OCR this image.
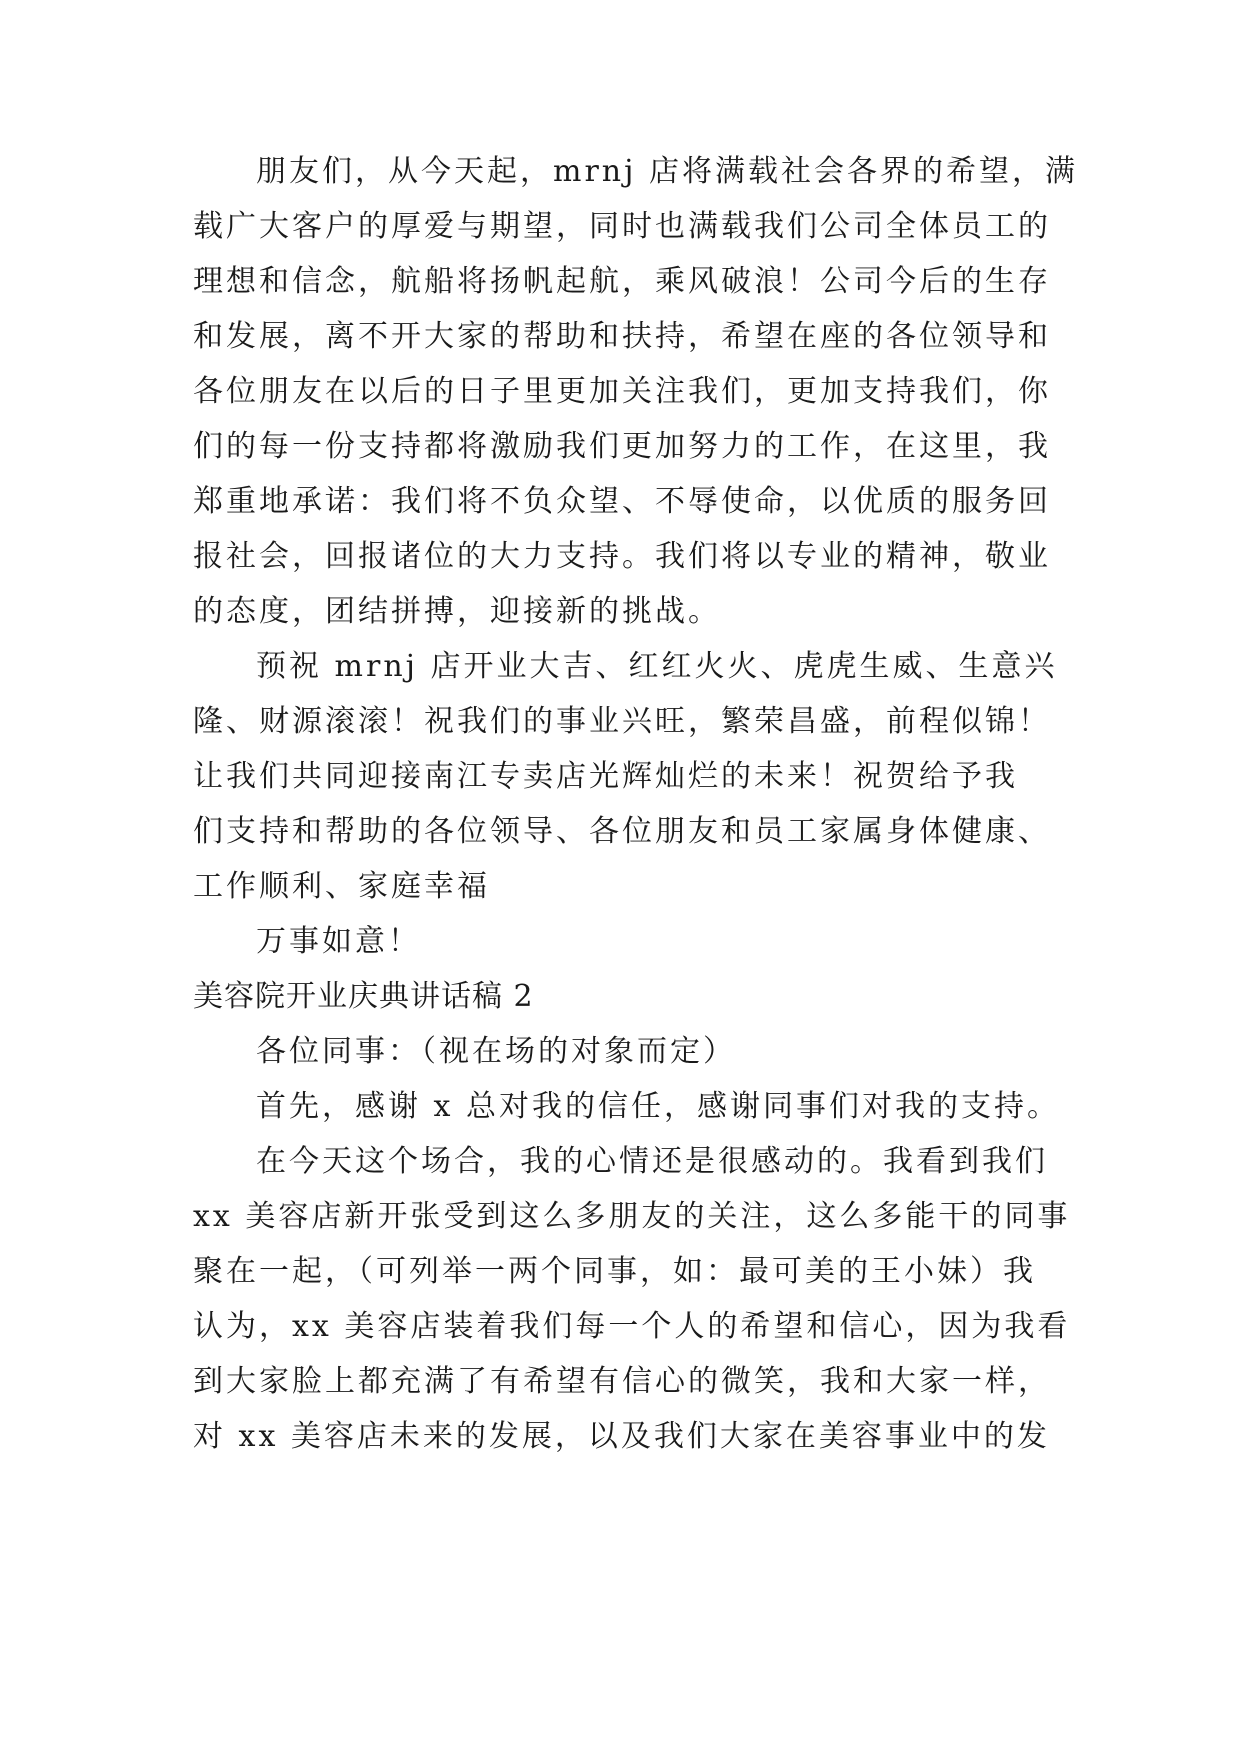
朋友们，从今天起，mrnj 店将满载社会各界的希望，满
载广大客户的厚爱与期望，同时也满载我们公司全体员工的
理想和信念，航船将扬帆起航，乘风破浪！公司今后的生存
和发展，离不开大家的帮助和扶持，希望在座的各位领导和
各位朋友在以后的日子里更加关注我们，更加支持我们，你
们的每一份支持都将激励我们更加努力的工作，在这里，我
郑重地承诺：我们将不负众望、不辱使命，以优质的服务回
报社会，回报诸位的大力支持。我们将以专业的精神，敬业
的态度，团结拼搏，迎接新的挑战。
预祝 mrnj 店开业大吉、红红火火、虎虎生威、生意兴
隆、财源滚滚！祝我们的事业兴旺，繁荣昌盛，前程似锦！
让我们共同迎接南江专卖店光辉灿烂的未来！祝贺给予我
们支持和帮助的各位领导、各位朋友和员工家属身体健康、
工作顺利、家庭幸福
万事如意！
美容院开业庆典讲话稿 2
各位同事：（视在场的对象而定）
首先，感谢 x 总对我的信任，感谢同事们对我的支持。
在今天这个场合，我的心情还是很感动的。我看到我们
xx 美容店新开张受到这么多朋友的关注，这么多能干的同事
聚在一起，（可列举一两个同事，如：最可美的王小妹）我
认为，xx 美容店装着我们每一个人的希望和信心，因为我看
到大家脸上都充满了有希望有信心的微笑，我和大家一样，
对 xx 美容店未来的发展，以及我们大家在美容事业中的发
